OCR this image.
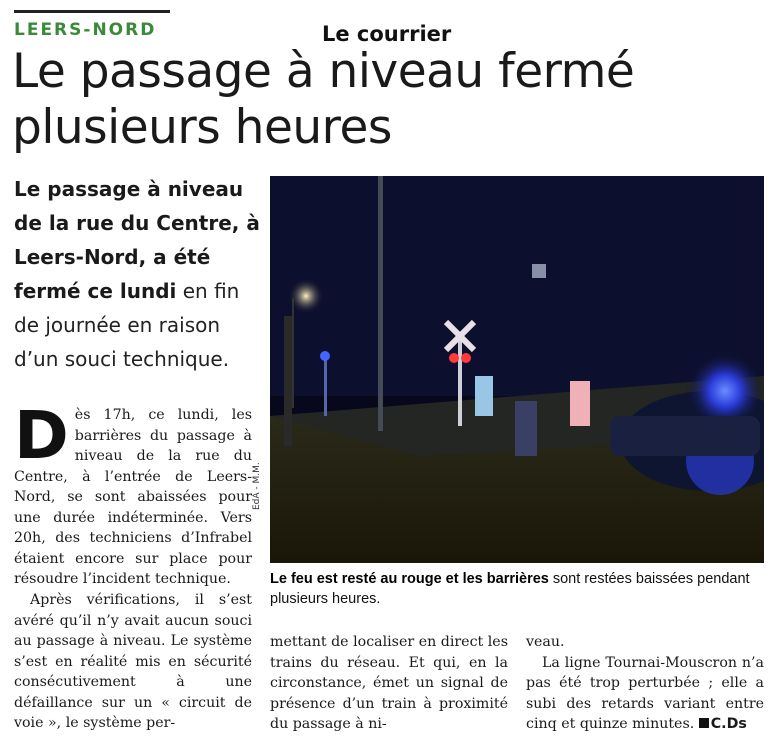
LEERS-NORD	Le courrier
Le passage à niveau fermé plusieurs heures
Le passage à niveau de la rue du Centre, à Leers-Nord, a été fermé ce lundi en fin de journée en raison d’un souci technique.
EdA - M.M.
Le feu est resté au rouge et les barrières sont restées baissées pendant plusieurs heures.

Dès 17h, ce lundi, les barrières du passage à niveau de la rue du Centre, à l’entrée de Leers-Nord, se sont abaissées pour une durée indéterminée. Vers 20h, des techniciens d’Infrabel étaient encore sur place pour résoudre l’incident technique.

Après vérifications, il s’est avéré qu’il n’y avait aucun souci au passage à niveau. Le système s’est en réalité mis en sécurité consécutivement à une défaillance sur un « circuit de voie », le système per-

mettant de localiser en direct les trains du réseau. Et qui, en la circonstance, émet un signal de présence d’un train à proximité du passage à ni-

veau.

La ligne Tournai-Mouscron n’a pas été trop perturbée ; elle a subi des retards variant entre cinq et quinze minutes. C.Ds
